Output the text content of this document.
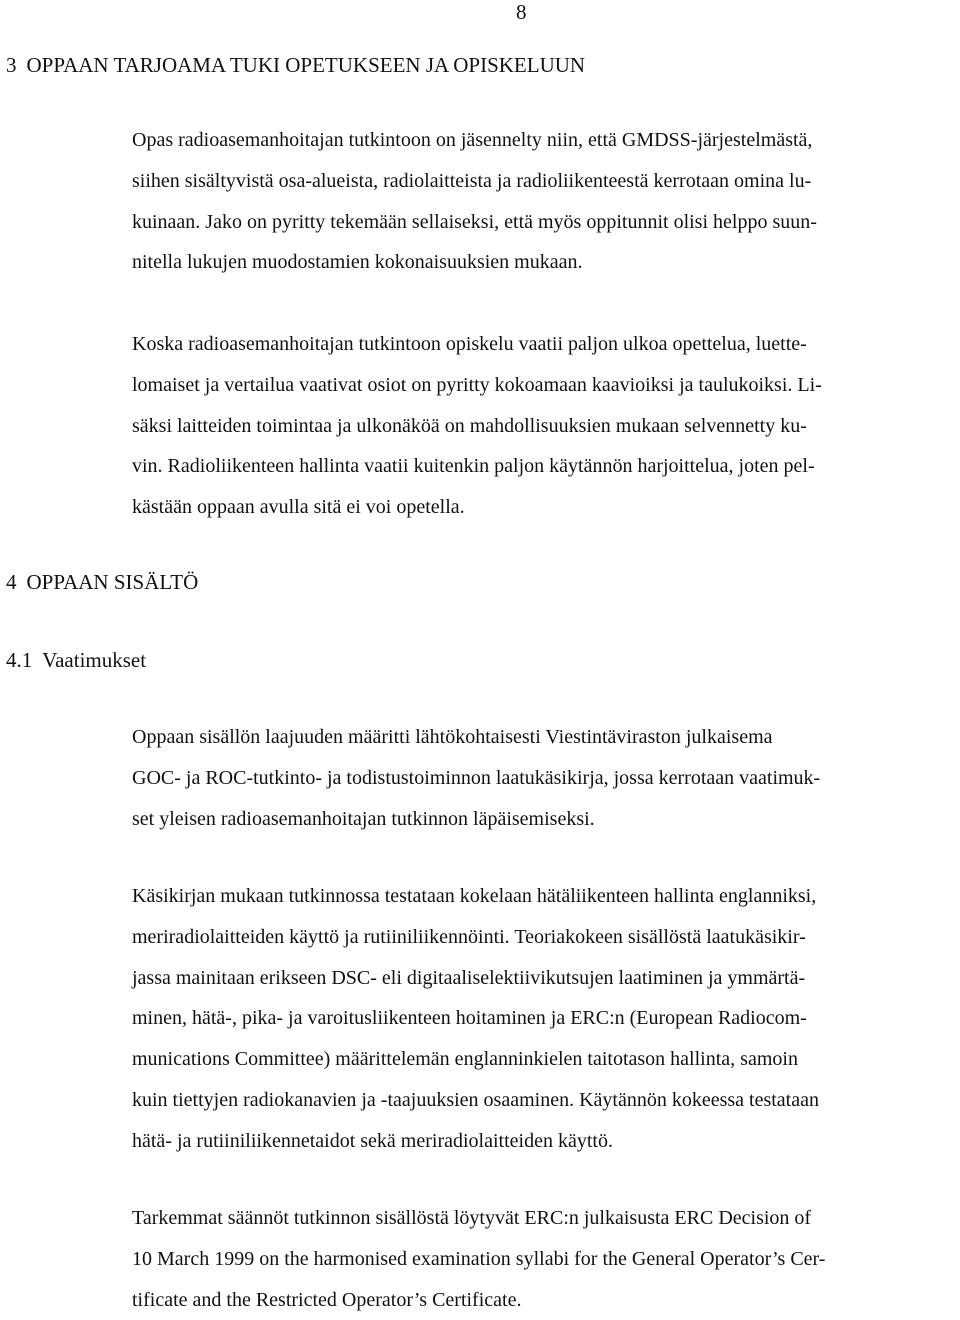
8
3 OPPAAN TARJOAMA TUKI OPETUKSEEN JA OPISKELUUN

Opas radioasemanhoitajan tutkintoon on jäsennelty niin, että GMDSS-järjestelmästä,
siihen sisältyvistä osa-alueista, radiolaitteista ja radioliikenteestä kerrotaan omina lu-
kuinaan. Jako on pyritty tekemään sellaiseksi, että myös oppitunnit olisi helppo suun-
nitella lukujen muodostamien kokonaisuuksien mukaan.

Koska radioasemanhoitajan tutkintoon opiskelu vaatii paljon ulkoa opettelua, luette-
lomaiset ja vertailua vaativat osiot on pyritty kokoamaan kaavioiksi ja taulukoiksi. Li-
säksi laitteiden toimintaa ja ulkonäköä on mahdollisuuksien mukaan selvennetty ku-
vin. Radioliikenteen hallinta vaatii kuitenkin paljon käytännön harjoittelua, joten pel-
kästään oppaan avulla sitä ei voi opetella.

4 OPPAAN SISÄLTÖ
4.1 Vaatimukset

Oppaan sisällön laajuuden määritti lähtökohtaisesti Viestintäviraston julkaisema
GOC- ja ROC-tutkinto- ja todistustoiminnon laatukäsikirja, jossa kerrotaan vaatimuk-
set yleisen radioasemanhoitajan tutkinnon läpäisemiseksi.

Käsikirjan mukaan tutkinnossa testataan kokelaan hätäliikenteen hallinta englanniksi,
meriradiolaitteiden käyttö ja rutiiniliikennöinti. Teoriakokeen sisällöstä laatukäsikir-
jassa mainitaan erikseen DSC- eli digitaaliselektiivikutsujen laatiminen ja ymmärtä-
minen, hätä-, pika- ja varoitusliikenteen hoitaminen ja ERC:n (European Radiocom-
munications Committee) määrittelemän englanninkielen taitotason hallinta, samoin
kuin tiettyjen radiokanavien ja -taajuuksien osaaminen. Käytännön kokeessa testataan
hätä- ja rutiiniliikennetaidot sekä meriradiolaitteiden käyttö.

Tarkemmat säännöt tutkinnon sisällöstä löytyvät ERC:n julkaisusta ERC Decision of
10 March 1999 on the harmonised examination syllabi for the General Operator’s Cer-
tificate and the Restricted Operator’s Certificate.
